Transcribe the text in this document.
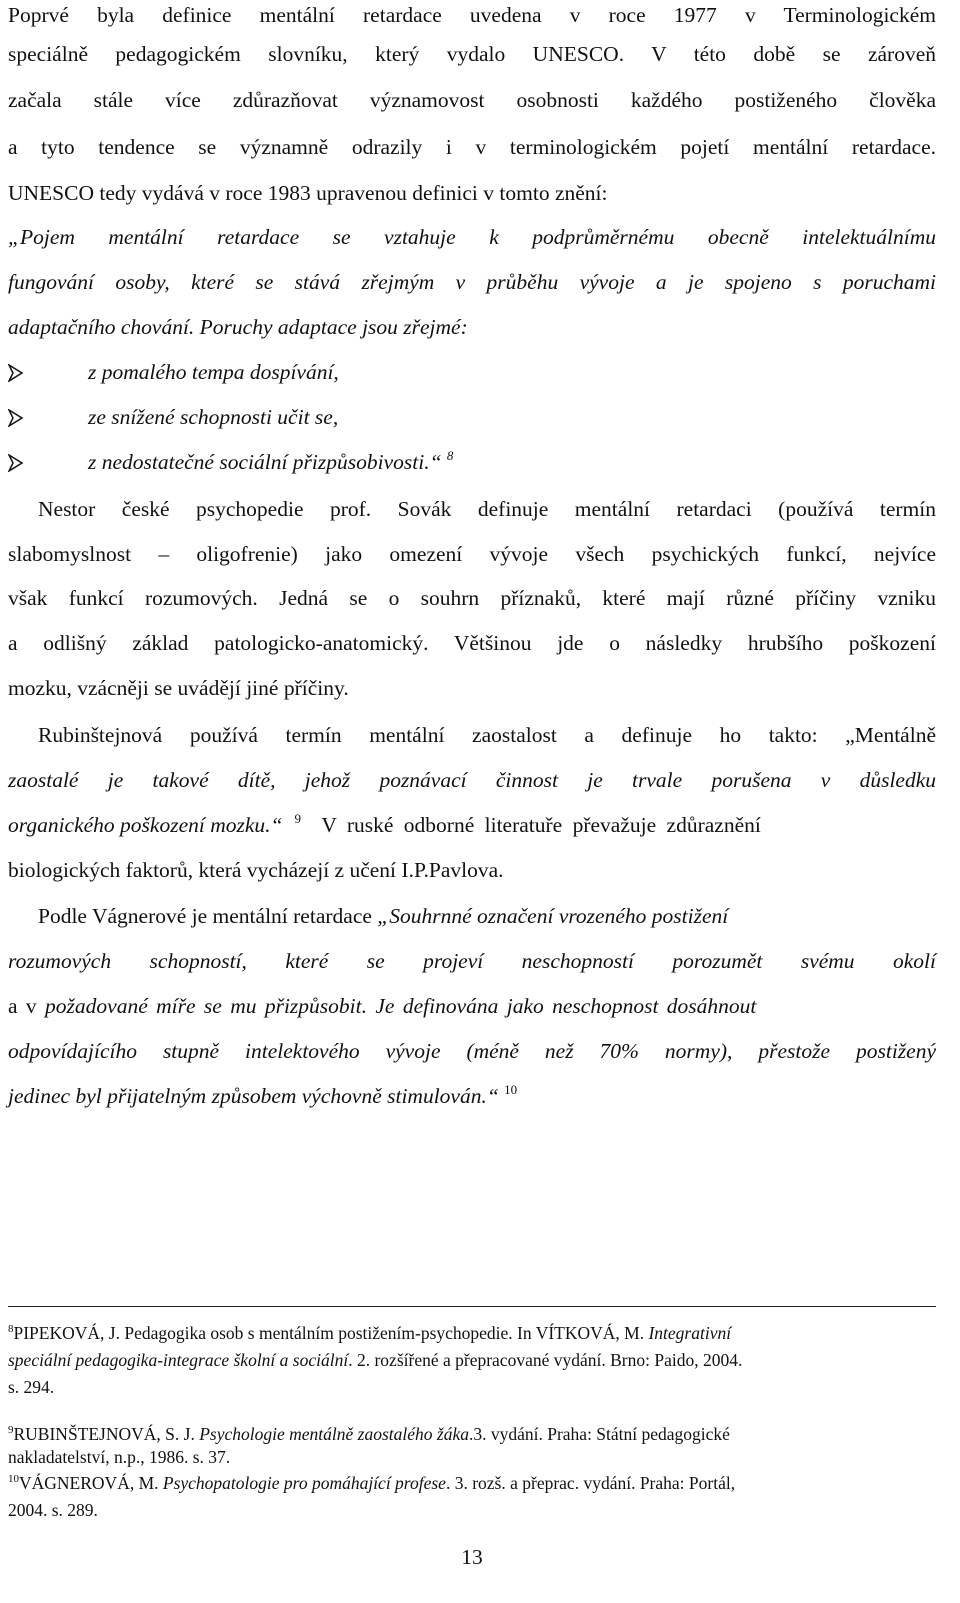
Poprvé byla definice mentální retardace uvedena v roce 1977 v Terminologickém
speciálně pedagogickém slovníku, který vydalo UNESCO. V této době se zároveň
začala stále více zdůrazňovat významovost osobnosti každého postiženého člověka
a tyto tendence se významně odrazily i v terminologickém pojetí mentální retardace.
UNESCO tedy vydává v roce 1983 upravenou definici v tomto znění:
„Pojem mentální retardace se vztahuje k podprůměrnému obecně intelektuálnímu
fungování osoby, které se stává zřejmým v průběhu vývoje a je spojeno s poruchami
adaptačního chování. Poruchy adaptace jsou zřejmé:
z pomalého tempa dospívání,
ze snížené schopnosti učit se,
z nedostatečné sociální přizpůsobivosti.“ $^8$
Nestor české psychopedie prof. Sovák definuje mentální retardaci (používá termín
slabomyslnost – oligofrenie) jako omezení vývoje všech psychických funkcí, nejvíce
však funkcí rozumových. Jedná se o souhrn příznaků, které mají různé příčiny vzniku
a odlišný základ patologicko-anatomický. Většinou jde o následky hrubšího poškození
mozku, vzácněji se uvádějí jiné příčiny.
Rubinštejnová používá termín mentální zaostalost a definuje ho takto: „Mentálně
zaostalé je takové dítě, jehož poznávací činnost je trvale porušena v důsledku
organického poškození mozku.“ $^9$  V ruské odborné literatuře převažuje zdůraznění
biologických faktorů, která vycházejí z učení I.P.Pavlova.
Podle Vágnerové je mentální retardace „Souhrnné označení vrozeného postižení
rozumových schopností, které se projeví neschopností porozumět svému okolí
a v požadované míře se mu přizpůsobit. Je definována jako neschopnost dosáhnout
odpovídajícího stupně intelektového vývoje (méně než 70% normy), přestože postižený
jedinec byl přijatelným způsobem výchovně stimulován.“ $^{10}$
$^8$PIPEKOVÁ, J. Pedagogika osob s mentálním postižením-psychopedie. In VÍTKOVÁ, M. Integrativní
speciální pedagogika-integrace školní a sociální. 2. rozšířené a přepracované vydání. Brno: Paido, 2004.
s. 294.
$^9$RUBINŠTEJNOVÁ, S. J. Psychologie mentálně zaostalého žáka.3. vydání. Praha: Státní pedagogické
nakladatelství, n.p., 1986. s. 37.
$^{10}$VÁGNEROVÁ, M. Psychopatologie pro pomáhající profese. 3. rozš. a přeprac. vydání. Praha: Portál,
2004. s. 289.
13
